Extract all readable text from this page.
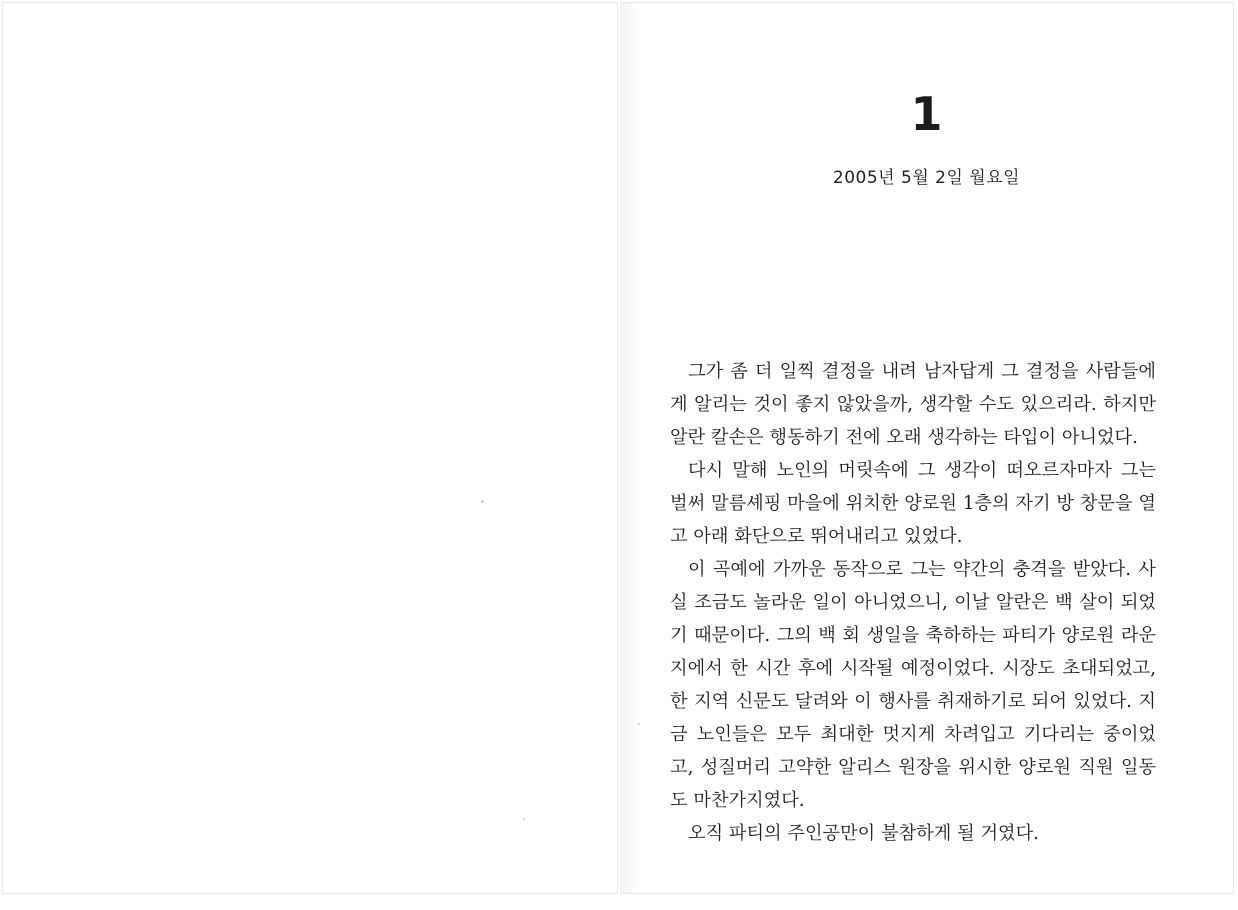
1

2005년 5월 2일 월요일

그가 좀 더 일찍 결정을 내려 남자답게 그 결정을 사람들에
게 알리는 것이 좋지 않았을까, 생각할 수도 있으리라. 하지만
알란 칼손은 행동하기 전에 오래 생각하는 타입이 아니었다.
다시 말해 노인의 머릿속에 그 생각이 떠오르자마자 그는
벌써 말름셰핑 마을에 위치한 양로원 1층의 자기 방 창문을 열
고 아래 화단으로 뛰어내리고 있었다.
이 곡예에 가까운 동작으로 그는 약간의 충격을 받았다. 사
실 조금도 놀라운 일이 아니었으니, 이날 알란은 백 살이 되었
기 때문이다. 그의 백 회 생일을 축하하는 파티가 양로원 라운
지에서 한 시간 후에 시작될 예정이었다. 시장도 초대되었고,
한 지역 신문도 달려와 이 행사를 취재하기로 되어 있었다. 지
금 노인들은 모두 최대한 멋지게 차려입고 기다리는 중이었
고, 성질머리 고약한 알리스 원장을 위시한 양로원 직원 일동
도 마찬가지였다.
오직 파티의 주인공만이 불참하게 될 거였다.
